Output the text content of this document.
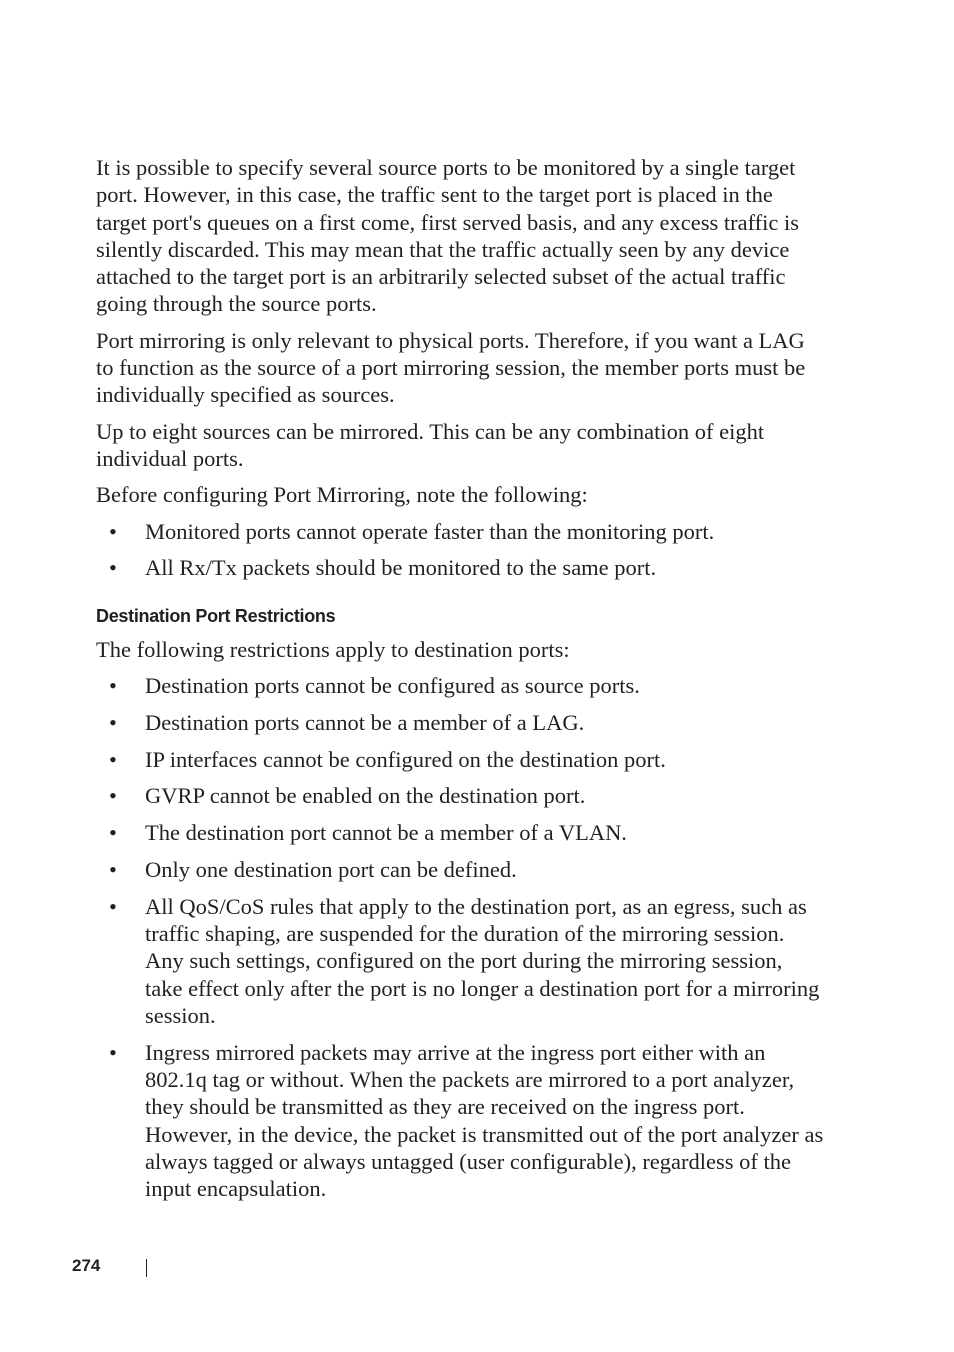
It is possible to specify several source ports to be monitored by a single target port. However, in this case, the traffic sent to the target port is placed in the target port's queues on a first come, first served basis, and any excess traffic is silently discarded. This may mean that the traffic actually seen by any device attached to the target port is an arbitrarily selected subset of the actual traffic going through the source ports.

Port mirroring is only relevant to physical ports. Therefore, if you want a LAG to function as the source of a port mirroring session, the member ports must be individually specified as sources.

Up to eight sources can be mirrored. This can be any combination of eight individual ports.

Before configuring Port Mirroring, note the following:

• Monitored ports cannot operate faster than the monitoring port.
• All Rx/Tx packets should be monitored to the same port.
Destination Port Restrictions

The following restrictions apply to destination ports:

• Destination ports cannot be configured as source ports.
• Destination ports cannot be a member of a LAG.
• IP interfaces cannot be configured on the destination port.
• GVRP cannot be enabled on the destination port.
• The destination port cannot be a member of a VLAN.
• Only one destination port can be defined.
• All QoS/CoS rules that apply to the destination port, as an egress, such as traffic shaping, are suspended for the duration of the mirroring session. Any such settings, configured on the port during the mirroring session, take effect only after the port is no longer a destination port for a mirroring session.
• Ingress mirrored packets may arrive at the ingress port either with an 802.1q tag or without. When the packets are mirrored to a port analyzer, they should be transmitted as they are received on the ingress port. However, in the device, the packet is transmitted out of the port analyzer as always tagged or always untagged (user configurable), regardless of the input encapsulation.
274
